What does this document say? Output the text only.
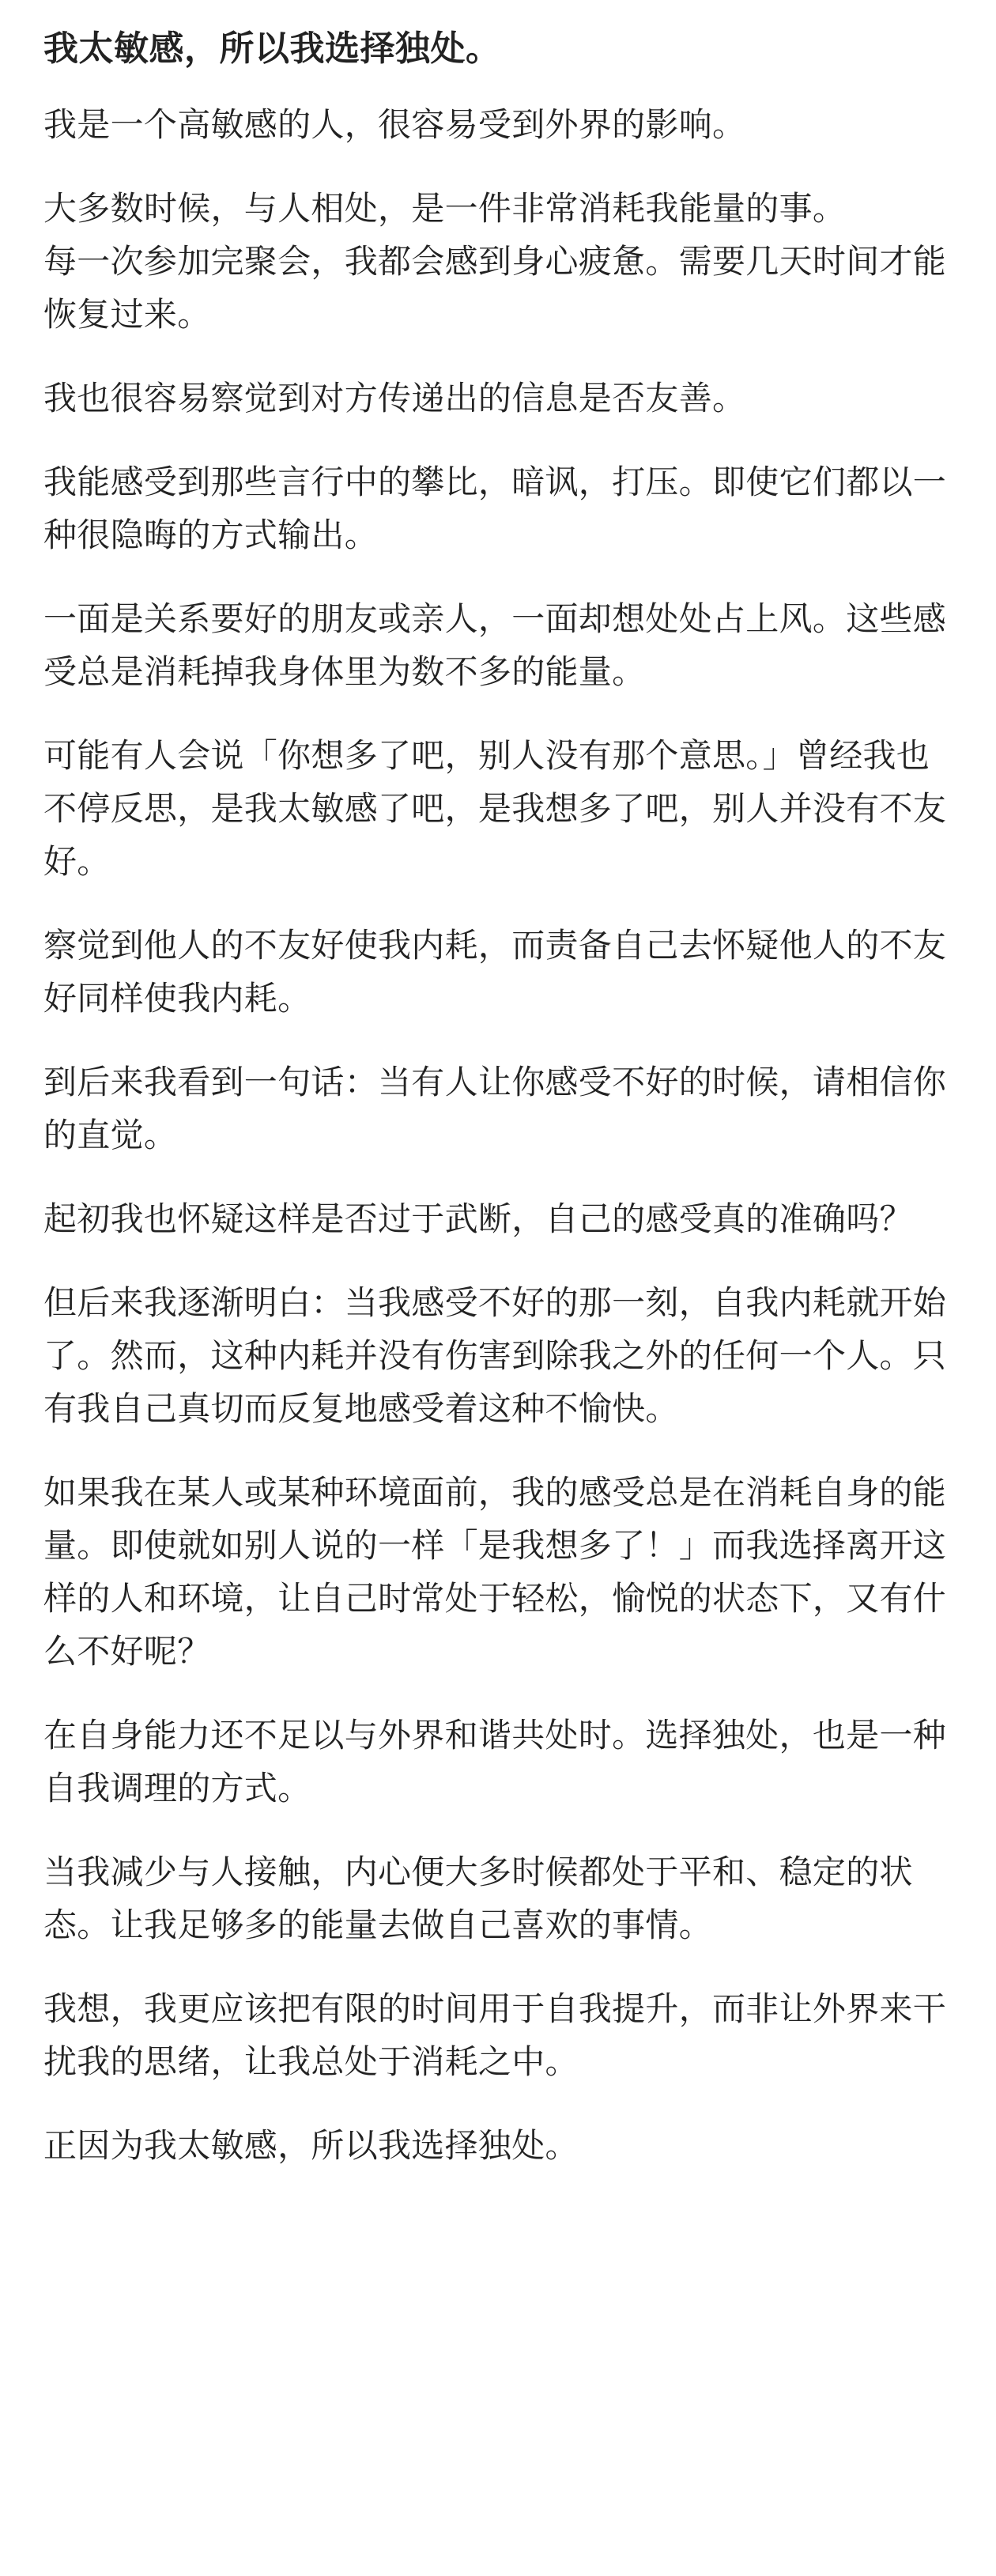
我太敏感，所以我选择独处。

我是一个高敏感的人，很容易受到外界的影响。

大多数时候，与人相处，是一件非常消耗我能量的事。

每一次参加完聚会，我都会感到身心疲惫。需要几天时间才能恢复过来。

我也很容易察觉到对方传递出的信息是否友善。

我能感受到那些言行中的攀比，暗讽，打压。即使它们都以一种很隐晦的方式输出。

一面是关系要好的朋友或亲人，一面却想处处占上风。这些感受总是消耗掉我身体里为数不多的能量。

可能有人会说「你想多了吧，别人没有那个意思。」曾经我也不停反思，是我太敏感了吧，是我想多了吧，别人并没有不友好。

察觉到他人的不友好使我内耗，而责备自己去怀疑他人的不友好同样使我内耗。

到后来我看到一句话：当有人让你感受不好的时候，请相信你的直觉。

起初我也怀疑这样是否过于武断，自己的感受真的准确吗？

但后来我逐渐明白：当我感受不好的那一刻，自我内耗就开始了。然而，这种内耗并没有伤害到除我之外的任何一个人。只有我自己真切而反复地感受着这种不愉快。

如果我在某人或某种环境面前，我的感受总是在消耗自身的能量。即使就如别人说的一样「是我想多了！」而我选择离开这样的人和环境，让自己时常处于轻松，愉悦的状态下，又有什么不好呢？

在自身能力还不足以与外界和谐共处时。选择独处，也是一种自我调理的方式。

当我减少与人接触，内心便大多时候都处于平和、稳定的状态。让我足够多的能量去做自己喜欢的事情。

我想，我更应该把有限的时间用于自我提升，而非让外界来干扰我的思绪，让我总处于消耗之中。

正因为我太敏感，所以我选择独处。
